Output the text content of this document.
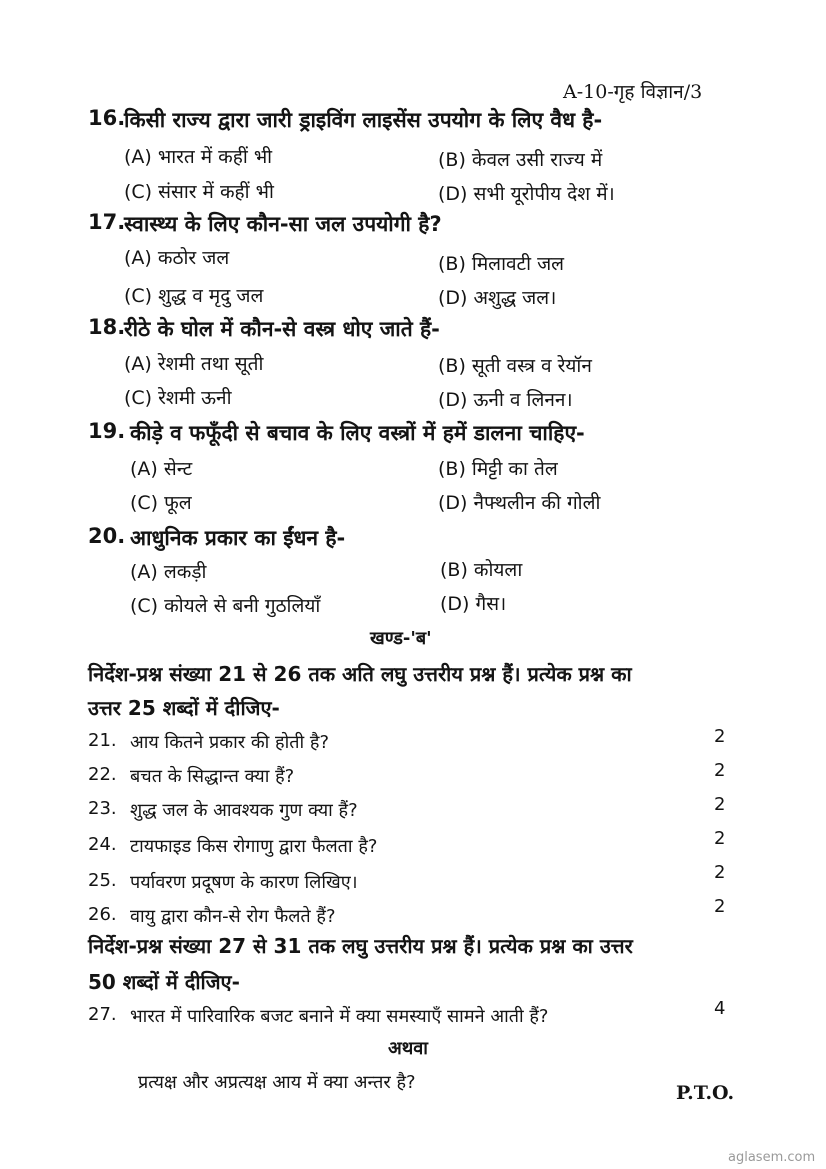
A-10-गृह विज्ञान/3
16.
किसी राज्य द्वारा जारी ड्राइविंग लाइसेंस उपयोग के लिए वैध है-
(A) भारत में कहीं भी	(B) केवल उसी राज्य में
(C) संसार में कहीं भी	(D) सभी यूरोपीय देश में।
17.
स्वास्थ्य के लिए कौन-सा जल उपयोगी है?
(A) कठोर जल	(B) मिलावटी जल
(C) शुद्ध व मृदु जल	(D) अशुद्ध जल।
18.
रीठे के घोल में कौन-से वस्त्र धोए जाते हैं-
(A) रेशमी तथा सूती	(B) सूती वस्त्र व रेयॉन
(C) रेशमी ऊनी	(D) ऊनी व लिनन।
19. कीड़े व फफूँदी से बचाव के लिए वस्त्रों में हमें डालना चाहिए-
(A) सेन्ट	(B) मिट्टी का तेल
(C) फूल	(D) नैफ्थलीन की गोली
20. आधुनिक प्रकार का ईंधन है-
(A) लकड़ी	(B) कोयला
(C) कोयले से बनी गुठलियाँ	(D) गैस।
खण्ड-'ब'
निर्देश-प्रश्न संख्या 21 से 26 तक अति लघु उत्तरीय प्रश्न हैं। प्रत्येक प्रश्न का
उत्तर 25 शब्दों में दीजिए-
21. आय कितने प्रकार की होती है?	2
22. बचत के सिद्धान्त क्या हैं?	2
23. शुद्ध जल के आवश्यक गुण क्या हैं?	2
24. टायफाइड किस रोगाणु द्वारा फैलता है?	2
25. पर्यावरण प्रदूषण के कारण लिखिए।	2
26. वायु द्वारा कौन-से रोग फैलते हैं?	2
निर्देश-प्रश्न संख्या 27 से 31 तक लघु उत्तरीय प्रश्न हैं। प्रत्येक प्रश्न का उत्तर
50 शब्दों में दीजिए-
27. भारत में पारिवारिक बजट बनाने में क्या समस्याएँ सामने आती हैं?	4
अथवा
प्रत्यक्ष और अप्रत्यक्ष आय में क्या अन्तर है?	P.T.O.
aglasem.com
